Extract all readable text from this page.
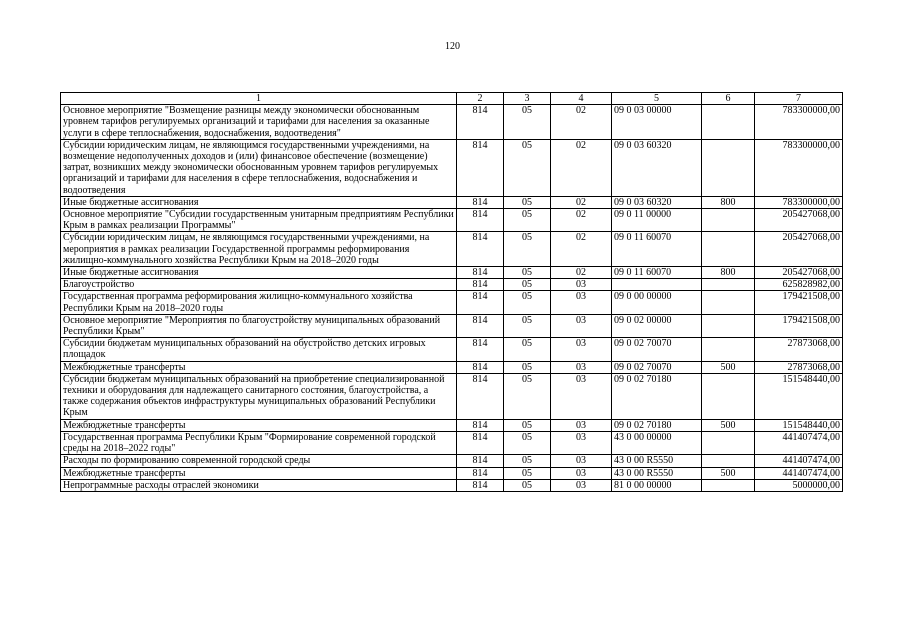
120
1	2	3	4	5	6	7
Основное мероприятие "Возмещение разницы между экономически обоснованным уровнем тарифов регулируемых организаций и тарифами для населения за оказанные услуги в сфере теплоснабжения, водоснабжения, водоотведения"	814	05	02	09 0 03 00000		783300000,00
Субсидии юридическим лицам, не являющимся государственными учреждениями, на возмещение недополученных доходов и (или) финансовое обеспечение (возмещение) затрат, возникших между экономически обоснованным уровнем тарифов регулируемых организаций и тарифами для населения в сфере теплоснабжения, водоснабжения и водоотведения	814	05	02	09 0 03 60320		783300000,00
Иные бюджетные ассигнования	814	05	02	09 0 03 60320	800	783300000,00
Основное мероприятие "Субсидии государственным унитарным предприятиям Республики Крым в рамках реализации Программы"	814	05	02	09 0 11 00000		205427068,00
Субсидии юридическим лицам, не являющимся государственными учреждениями, на мероприятия в рамках реализации Государственной программы реформирования жилищно-коммунального хозяйства Республики Крым на 2018–2020 годы	814	05	02	09 0 11 60070		205427068,00
Иные бюджетные ассигнования	814	05	02	09 0 11 60070	800	205427068,00
Благоустройство	814	05	03			625828982,00
Государственная программа реформирования жилищно-коммунального хозяйства Республики Крым на 2018–2020 годы	814	05	03	09 0 00 00000		179421508,00
Основное мероприятие "Мероприятия по благоустройству муниципальных образований Республики Крым"	814	05	03	09 0 02 00000		179421508,00
Субсидии бюджетам муниципальных образований на обустройство детских игровых площадок	814	05	03	09 0 02 70070		27873068,00
Межбюджетные трансферты	814	05	03	09 0 02 70070	500	27873068,00
Субсидии бюджетам муниципальных образований на приобретение специализированной техники и оборудования для надлежащего санитарного состояния, благоустройства, а также содержания объектов инфраструктуры муниципальных образований Республики Крым	814	05	03	09 0 02 70180		151548440,00
Межбюджетные трансферты	814	05	03	09 0 02 70180	500	151548440,00
Государственная программа Республики Крым "Формирование современной городской среды на 2018–2022 годы"	814	05	03	43 0 00 00000		441407474,00
Расходы по формированию современной городской среды	814	05	03	43 0 00 R5550		441407474,00
Межбюджетные трансферты	814	05	03	43 0 00 R5550	500	441407474,00
Непрограммные расходы отраслей экономики	814	05	03	81 0 00 00000		5000000,00
